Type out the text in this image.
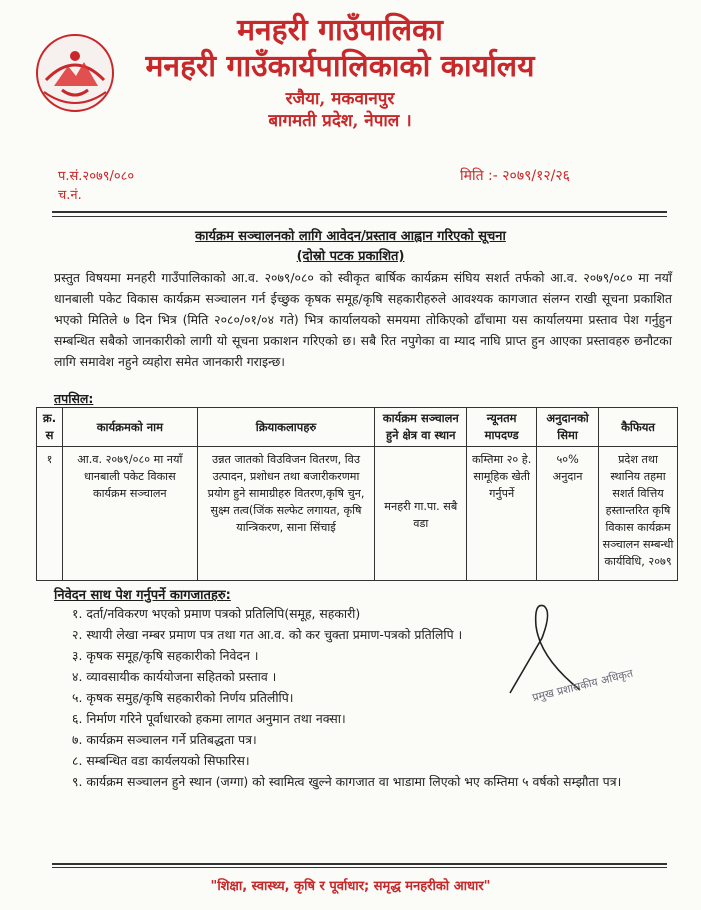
मनहरी गाउँपालिका
मनहरी गाउँकार्यपालिकाको कार्यालय
रजैया, मकवानपुर
बागमती प्रदेश, नेपाल ।
प.सं.२०७९/०८०
च.नं.
मिति :- २०७९/१२/२६
कार्यक्रम सञ्चालनको लागि आवेदन/प्रस्ताव आह्वान गरिएको सूचना
(दोस्रो पटक प्रकाशित)
प्रस्तुत विषयमा मनहरी गाउँपालिकाको आ.व. २०७९/०८० को स्वीकृत बार्षिक कार्यक्रम संघिय सशर्त तर्फको आ.व. २०७९/०८० मा नयाँ धानबाली पकेट विकास कार्यक्रम सञ्चालन गर्न ईच्छुक कृषक समूह/कृषि सहकारीहरुले आवश्यक कागजात संलग्न राखी सूचना प्रकाशित भएको मितिले ७ दिन भित्र (मिति २०८०/०१/०४ गते) भित्र कार्यालयको समयमा तोकिएको ढाँचामा यस कार्यालयमा प्रस्ताव पेश गर्नुहुन सम्बन्धित सबैको जानकारीको लागी यो सूचना प्रकाशन गरिएको छ। सबै रित नपुगेका वा म्याद नाघि प्राप्त हुन आएका प्रस्तावहरु छनौटका लागि समावेश नहुने व्यहोरा समेत जानकारी गराइन्छ।
तपसिल:
क्र. स	कार्यक्रमको नाम	क्रियाकलापहरु	कार्यक्रम सञ्चालन हुने क्षेत्र वा स्थान	न्यूनतम मापदण्ड	अनुदानको सिमा	कैफियत
१	आ.व. २०७९/०८० मा नयाँ धानबाली पकेट विकास कार्यक्रम सञ्चालन	उन्नत जातको विउविजन वितरण, विउ उत्पादन, प्रशोधन तथा बजारीकरणमा प्रयोग हुने सामाग्रीहरु वितरण,कृषि चुन, सुक्ष्म तत्व(जिंक सल्फेट लगायत, कृषि यान्त्रिकरण, साना सिंचाई	मनहरी गा.पा. सबै वडा	कम्तिमा २० हे. सामूहिक खेती गर्नुपर्ने	५०% अनुदान	प्रदेश तथा स्थानिय तहमा सशर्त वित्तिय हस्तान्तरित कृषि विकास कार्यक्रम सञ्चालन सम्बन्धी कार्यविधि, २०७९
निवेदन साथ पेश गर्नुपर्ने कागजातहरु:
१. दर्ता/नविकरण भएको प्रमाण पत्रको प्रतिलिपि(समूह, सहकारी)
२. स्थायी लेखा नम्बर प्रमाण पत्र तथा गत आ.व. को कर चुक्ता प्रमाण-पत्रको प्रतिलिपि ।
३. कृषक समूह/कृषि सहकारीको निवेदन ।
४. व्यावसायीक कार्ययोजना सहितको प्रस्ताव ।
५. कृषक समुह/कृषि सहकारीको निर्णय प्रतिलीपि।
६. निर्माण गरिने पूर्वाधारको हकमा लागत अनुमान तथा नक्सा।
७. कार्यक्रम सञ्चालन गर्ने प्रतिबद्धता पत्र।
८. सम्बन्धित वडा कार्यलयको सिफारिस।
९. कार्यक्रम सञ्चालन हुने स्थान (जग्गा) को स्वामित्व खुल्ने कागजात वा भाडामा लिएको भए कम्तिमा ५ वर्षको सम्झौता पत्र।
प्रमुख प्रशासकीय अधिकृत
"शिक्षा, स्वास्थ्य, कृषि र पूर्वाधार; समृद्ध मनहरीको आधार"
